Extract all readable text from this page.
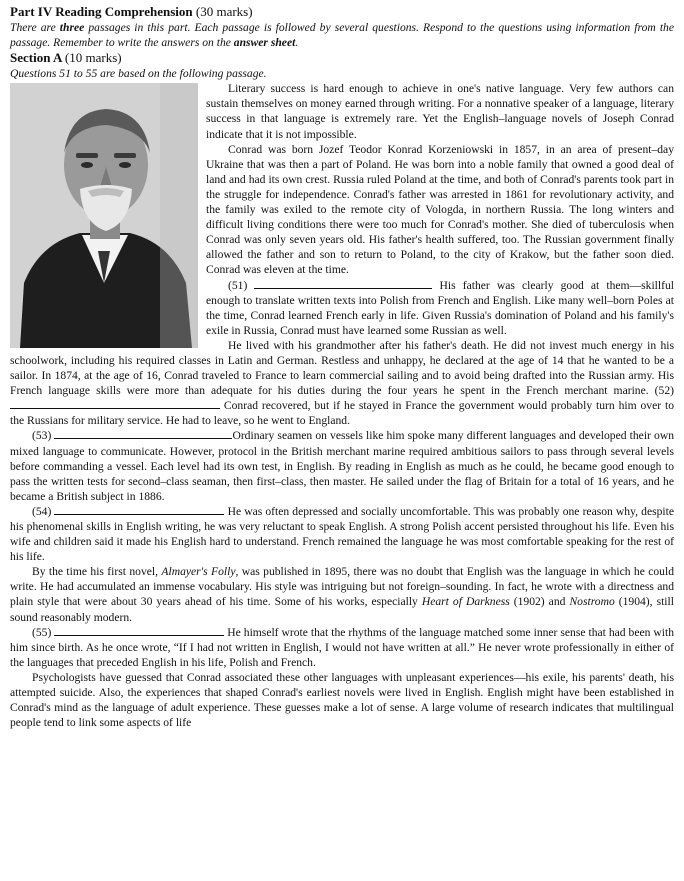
Part IV Reading Comprehension (30 marks)

There are three passages in this part. Each passage is followed by several questions. Respond to the questions using information from the passage. Remember to write the answers on the answer sheet.

Section A (10 marks)

Questions 51 to 55 are based on the following passage.

Literary success is hard enough to achieve in one's native language. Very few authors can sustain themselves on money earned through writing. For a nonnative speaker of a language, literary success in that language is extremely rare. Yet the English–language novels of Joseph Conrad indicate that it is not impossible.

Conrad was born Jozef Teodor Konrad Korzeniowski in 1857, in an area of present–day Ukraine that was then a part of Poland. He was born into a noble family that owned a good deal of land and had its own crest. Russia ruled Poland at the time, and both of Conrad's parents took part in the struggle for independence. Conrad's father was arrested in 1861 for revolutionary activity, and the family was exiled to the remote city of Vologda, in northern Russia. The long winters and difficult living conditions there were too much for Conrad's mother. She died of tuberculosis when Conrad was only seven years old. His father's health suffered, too. The Russian government finally allowed the father and son to return to Poland, to the city of Krakow, but the father soon died. Conrad was eleven at the time.

(51)	His father was clearly good at them—skillful enough to translate written texts into Polish from French and English. Like many well–born Poles at the time, Conrad learned French early in life. Given Russia's domination of Poland and his family's exile in Russia, Conrad must have learned some Russian as well.

He lived with his grandmother after his father's death. He did not invest much energy in his schoolwork, including his required classes in Latin and German. Restless and unhappy, he declared at the age of 14 that he wanted to be a sailor. In 1874, at the age of 16, Conrad traveled to France to learn commercial sailing and to avoid being drafted into the Russian army. His French language skills were more than adequate for his duties during the four years he spent in the French merchant marine. (52)  Conrad recovered, but if he stayed in France the government would probably turn him over to the Russians for military service. He had to leave, so he went to England.

(53)	Ordinary seamen on vessels like him spoke many different languages and developed their own mixed language to communicate. However, protocol in the British merchant marine required ambitious sailors to pass through several levels before commanding a vessel. Each level had its own test, in English. By reading in English as much as he could, he became good enough to pass the written tests for second–class seaman, then first–class, then master. He sailed under the flag of Britain for a total of 16 years, and he became a British subject in 1886.

(54)	He was often depressed and socially uncomfortable. This was probably one reason why, despite his phenomenal skills in English writing, he was very reluctant to speak English. A strong Polish accent persisted throughout his life. Even his wife and children said it made his English hard to understand. French remained the language he was most comfortable speaking for the rest of his life.

By the time his first novel, Almayer's Folly, was published in 1895, there was no doubt that English was the language in which he could write. He had accumulated an immense vocabulary. His style was intriguing but not foreign–sounding. In fact, he wrote with a directness and plain style that were about 30 years ahead of his time. Some of his works, especially Heart of Darkness (1902) and Nostromo (1904), still sound reasonably modern.

(55)	He himself wrote that the rhythms of the language matched some inner sense that had been with him since birth. As he once wrote, “If I had not written in English, I would not have written at all.” He never wrote professionally in either of the languages that preceded English in his life, Polish and French.

Psychologists have guessed that Conrad associated these other languages with unpleasant experiences—his exile, his parents' death, his attempted suicide. Also, the experiences that shaped Conrad's earliest novels were lived in English. English might have been established in Conrad's mind as the language of adult experience. These guesses make a lot of sense. A large volume of research indicates that multilingual people tend to link some aspects of life
